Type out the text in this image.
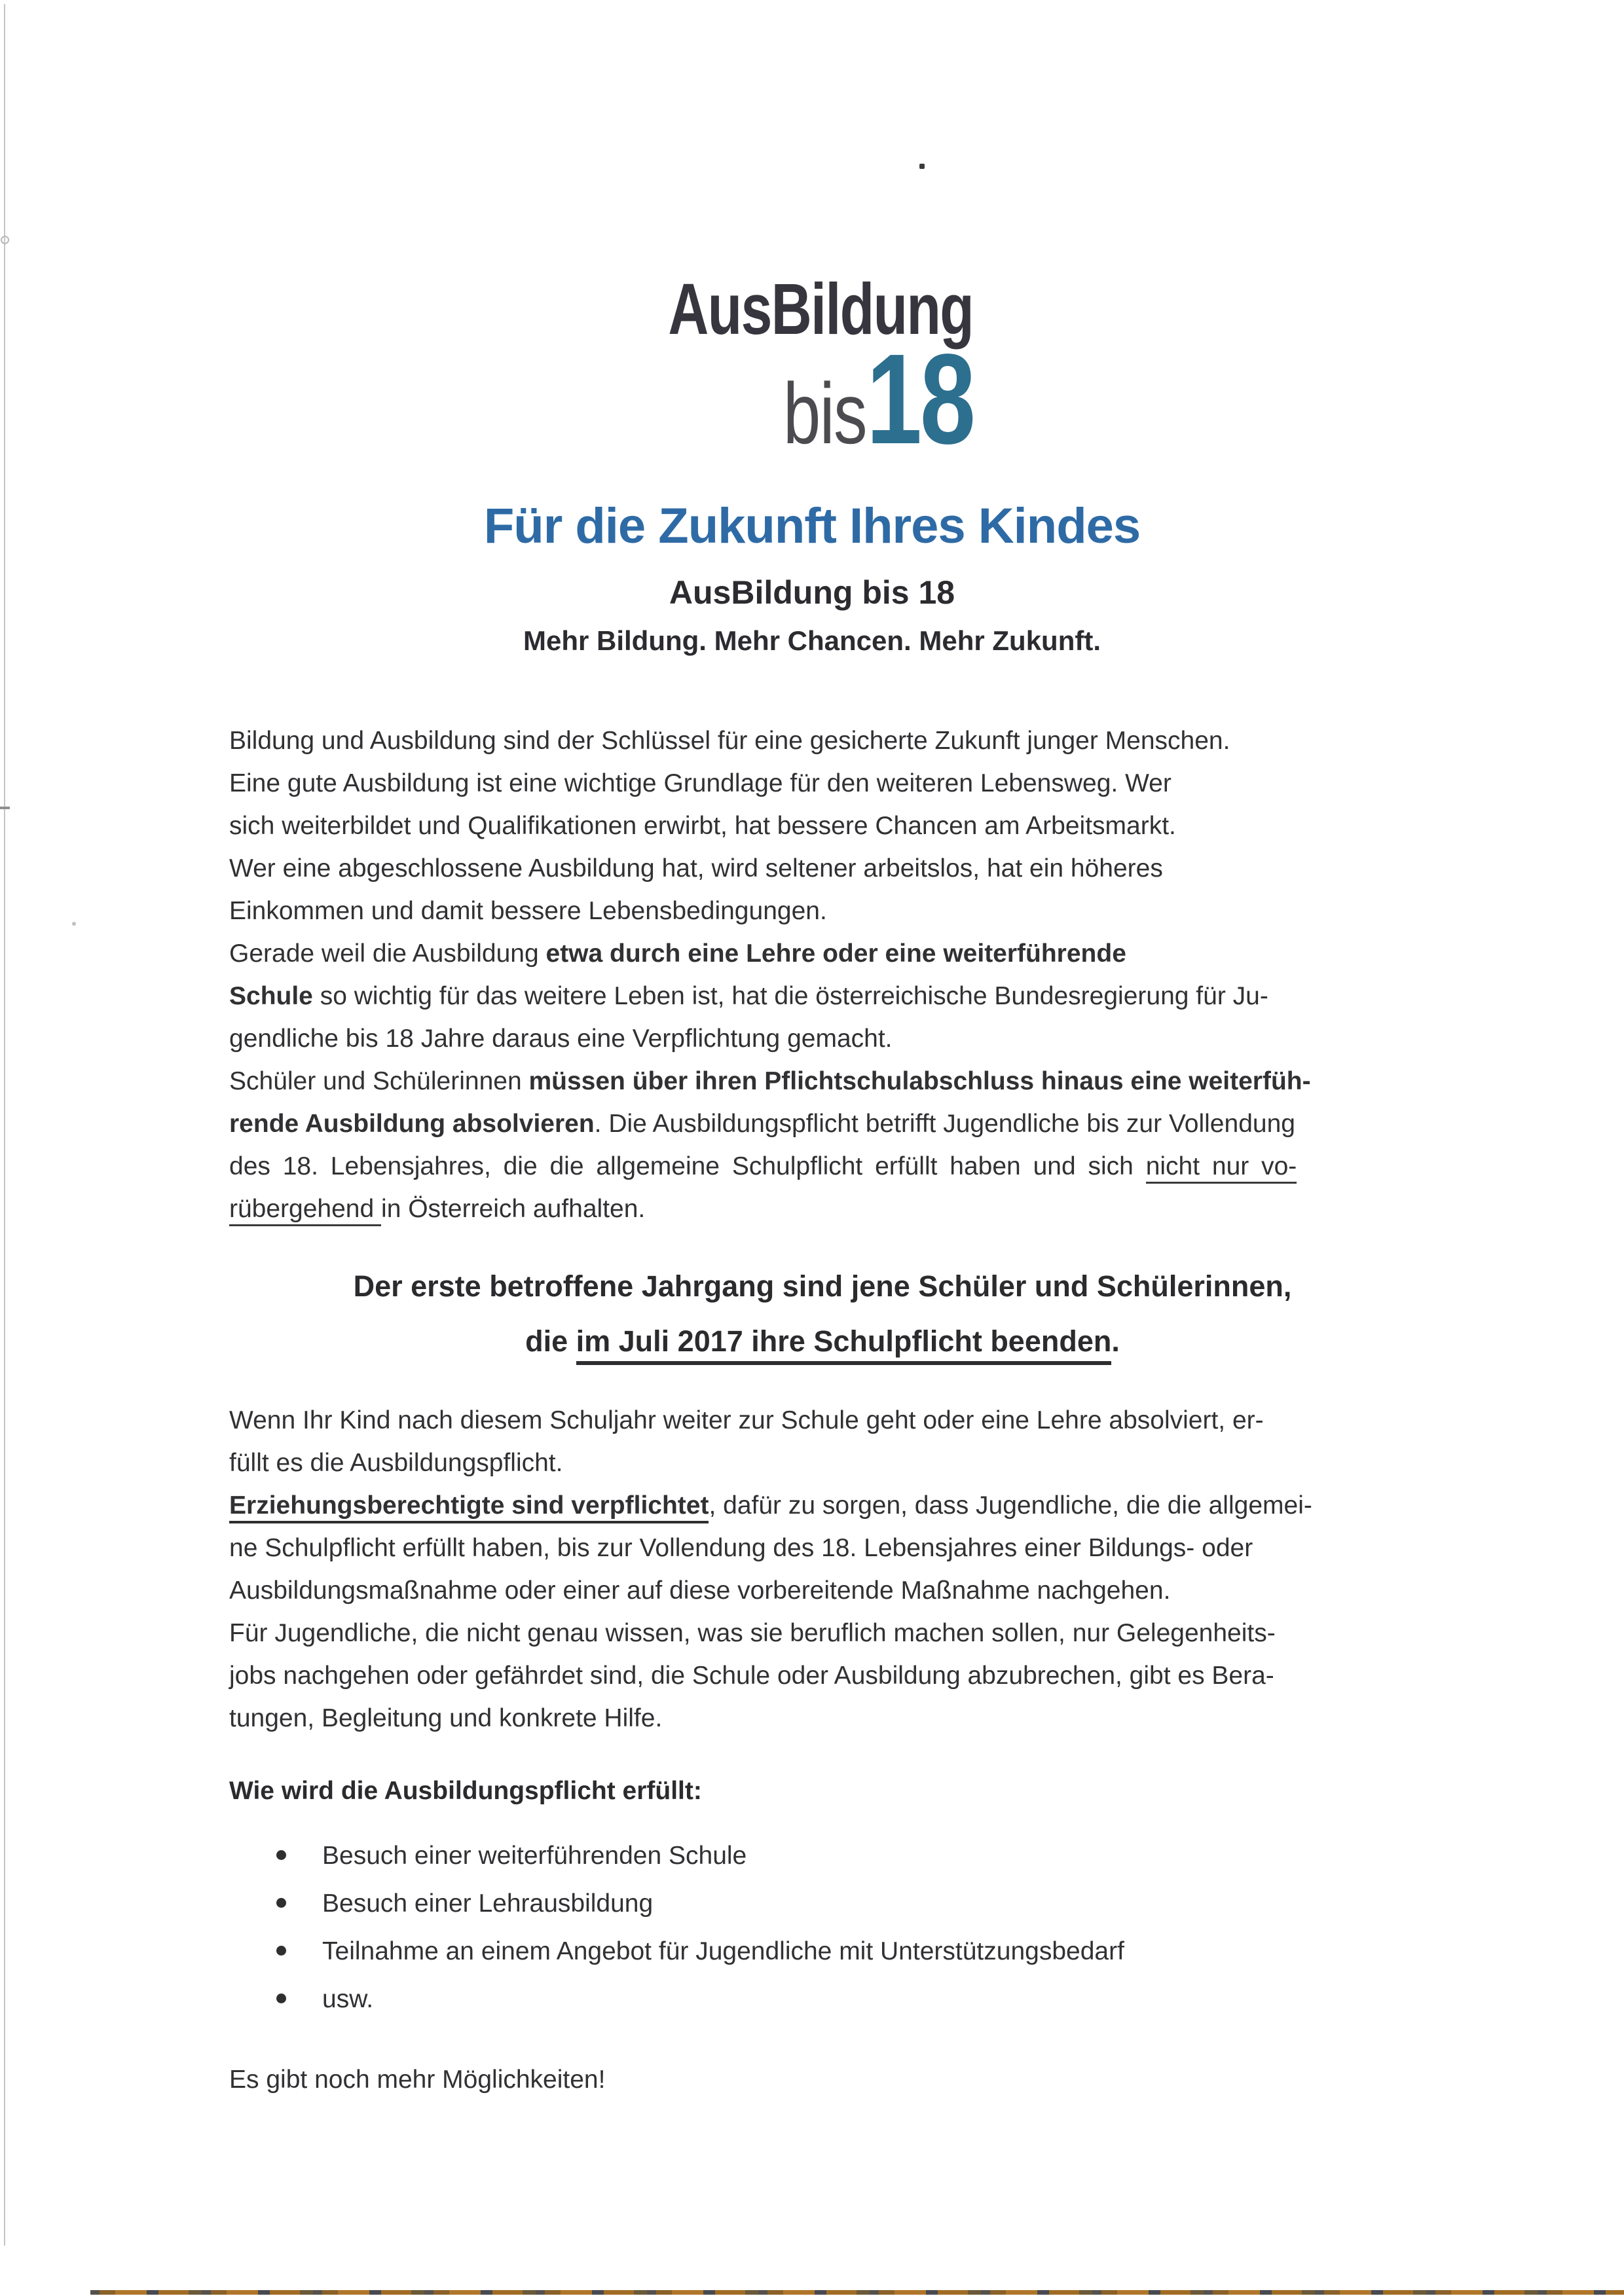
AusBildung
bis 18
Für die Zukunft Ihres Kindes
AusBildung bis 18
Mehr Bildung. Mehr Chancen. Mehr Zukunft.

Bildung und Ausbildung sind der Schlüssel für eine gesicherte Zukunft junger Menschen.
Eine gute Ausbildung ist eine wichtige Grundlage für den weiteren Lebensweg. Wer
sich weiterbildet und Qualifikationen erwirbt, hat bessere Chancen am Arbeitsmarkt.
Wer eine abgeschlossene Ausbildung hat, wird seltener arbeitslos, hat ein höheres
Einkommen und damit bessere Lebensbedingungen.

Gerade weil die Ausbildung etwa durch eine Lehre oder eine weiterführende
Schule so wichtig für das weitere Leben ist, hat die österreichische Bundesregierung für Ju-
gendliche bis 18 Jahre daraus eine Verpflichtung gemacht.

Schüler und Schülerinnen müssen über ihren Pflichtschulabschluss hinaus eine weiterfüh-
rende Ausbildung absolvieren. Die Ausbildungspflicht betrifft Jugendliche bis zur Vollendung
des 18. Lebensjahres, die die allgemeine Schulpflicht erfüllt haben und sich nicht nur vo-
rübergehend in Österreich aufhalten.

Der erste betroffene Jahrgang sind jene Schüler und Schülerinnen,
die im Juli 2017 ihre Schulpflicht beenden.

Wenn Ihr Kind nach diesem Schuljahr weiter zur Schule geht oder eine Lehre absolviert, er-
füllt es die Ausbildungspflicht.
Erziehungsberechtigte sind verpflichtet, dafür zu sorgen, dass Jugendliche, die die allgemei-
ne Schulpflicht erfüllt haben, bis zur Vollendung des 18. Lebensjahres einer Bildungs- oder
Ausbildungsmaßnahme oder einer auf diese vorbereitende Maßnahme nachgehen.
Für Jugendliche, die nicht genau wissen, was sie beruflich machen sollen, nur Gelegenheits-
jobs nachgehen oder gefährdet sind, die Schule oder Ausbildung abzubrechen, gibt es Bera-
tungen, Begleitung und konkrete Hilfe.

Wie wird die Ausbildungspflicht erfüllt:
Besuch einer weiterführenden Schule
Besuch einer Lehrausbildung
Teilnahme an einem Angebot für Jugendliche mit Unterstützungsbedarf
usw.
Es gibt noch mehr Möglichkeiten!
